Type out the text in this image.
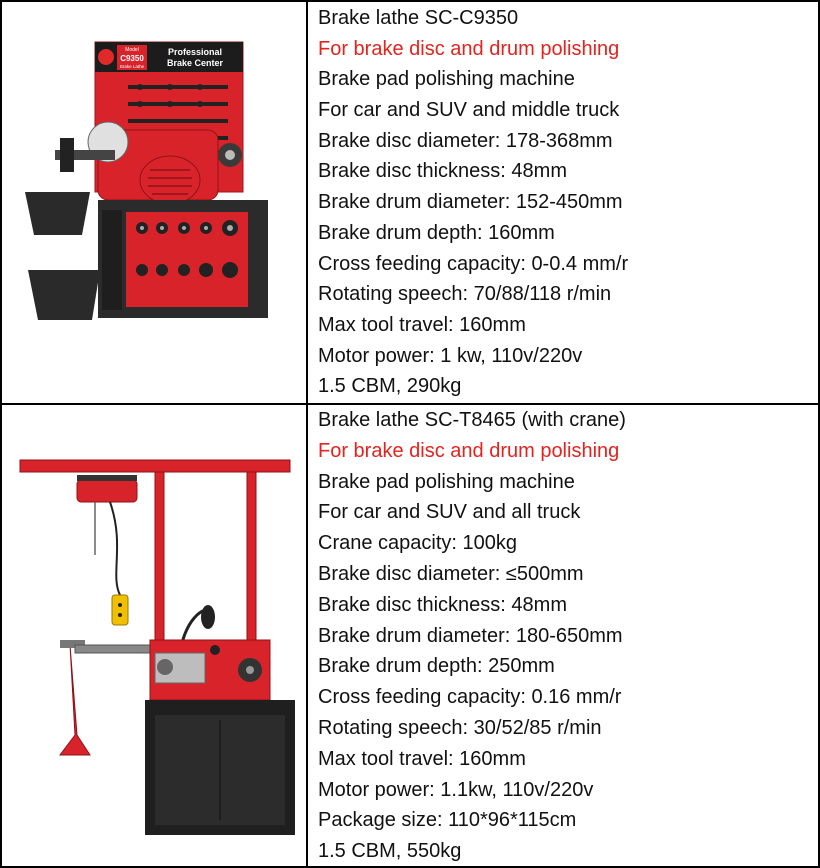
Model
C9350
Brake Lathe
Professional
Brake Center
Brake lathe SC-C9350
For brake disc and drum polishing
Brake pad polishing machine
For car and SUV and middle truck
Brake disc diameter: 178-368mm
Brake disc thickness: 48mm
Brake drum diameter: 152-450mm
Brake drum depth: 160mm
Cross feeding capacity: 0-0.4 mm/r
Rotating speech: 70/88/118 r/min
Max tool travel: 160mm
Motor power: 1 kw, 110v/220v
1.5 CBM, 290kg
Brake lathe SC-T8465 (with crane)
For brake disc and drum polishing
Brake pad polishing machine
For car and SUV and all truck
Crane capacity: 100kg
Brake disc diameter: ≤500mm
Brake disc thickness: 48mm
Brake drum diameter: 180-650mm
Brake drum depth: 250mm
Cross feeding capacity: 0.16 mm/r
Rotating speech: 30/52/85 r/min
Max tool travel: 160mm
Motor power: 1.1kw, 110v/220v
Package size: 110*96*115cm
1.5 CBM, 550kg
